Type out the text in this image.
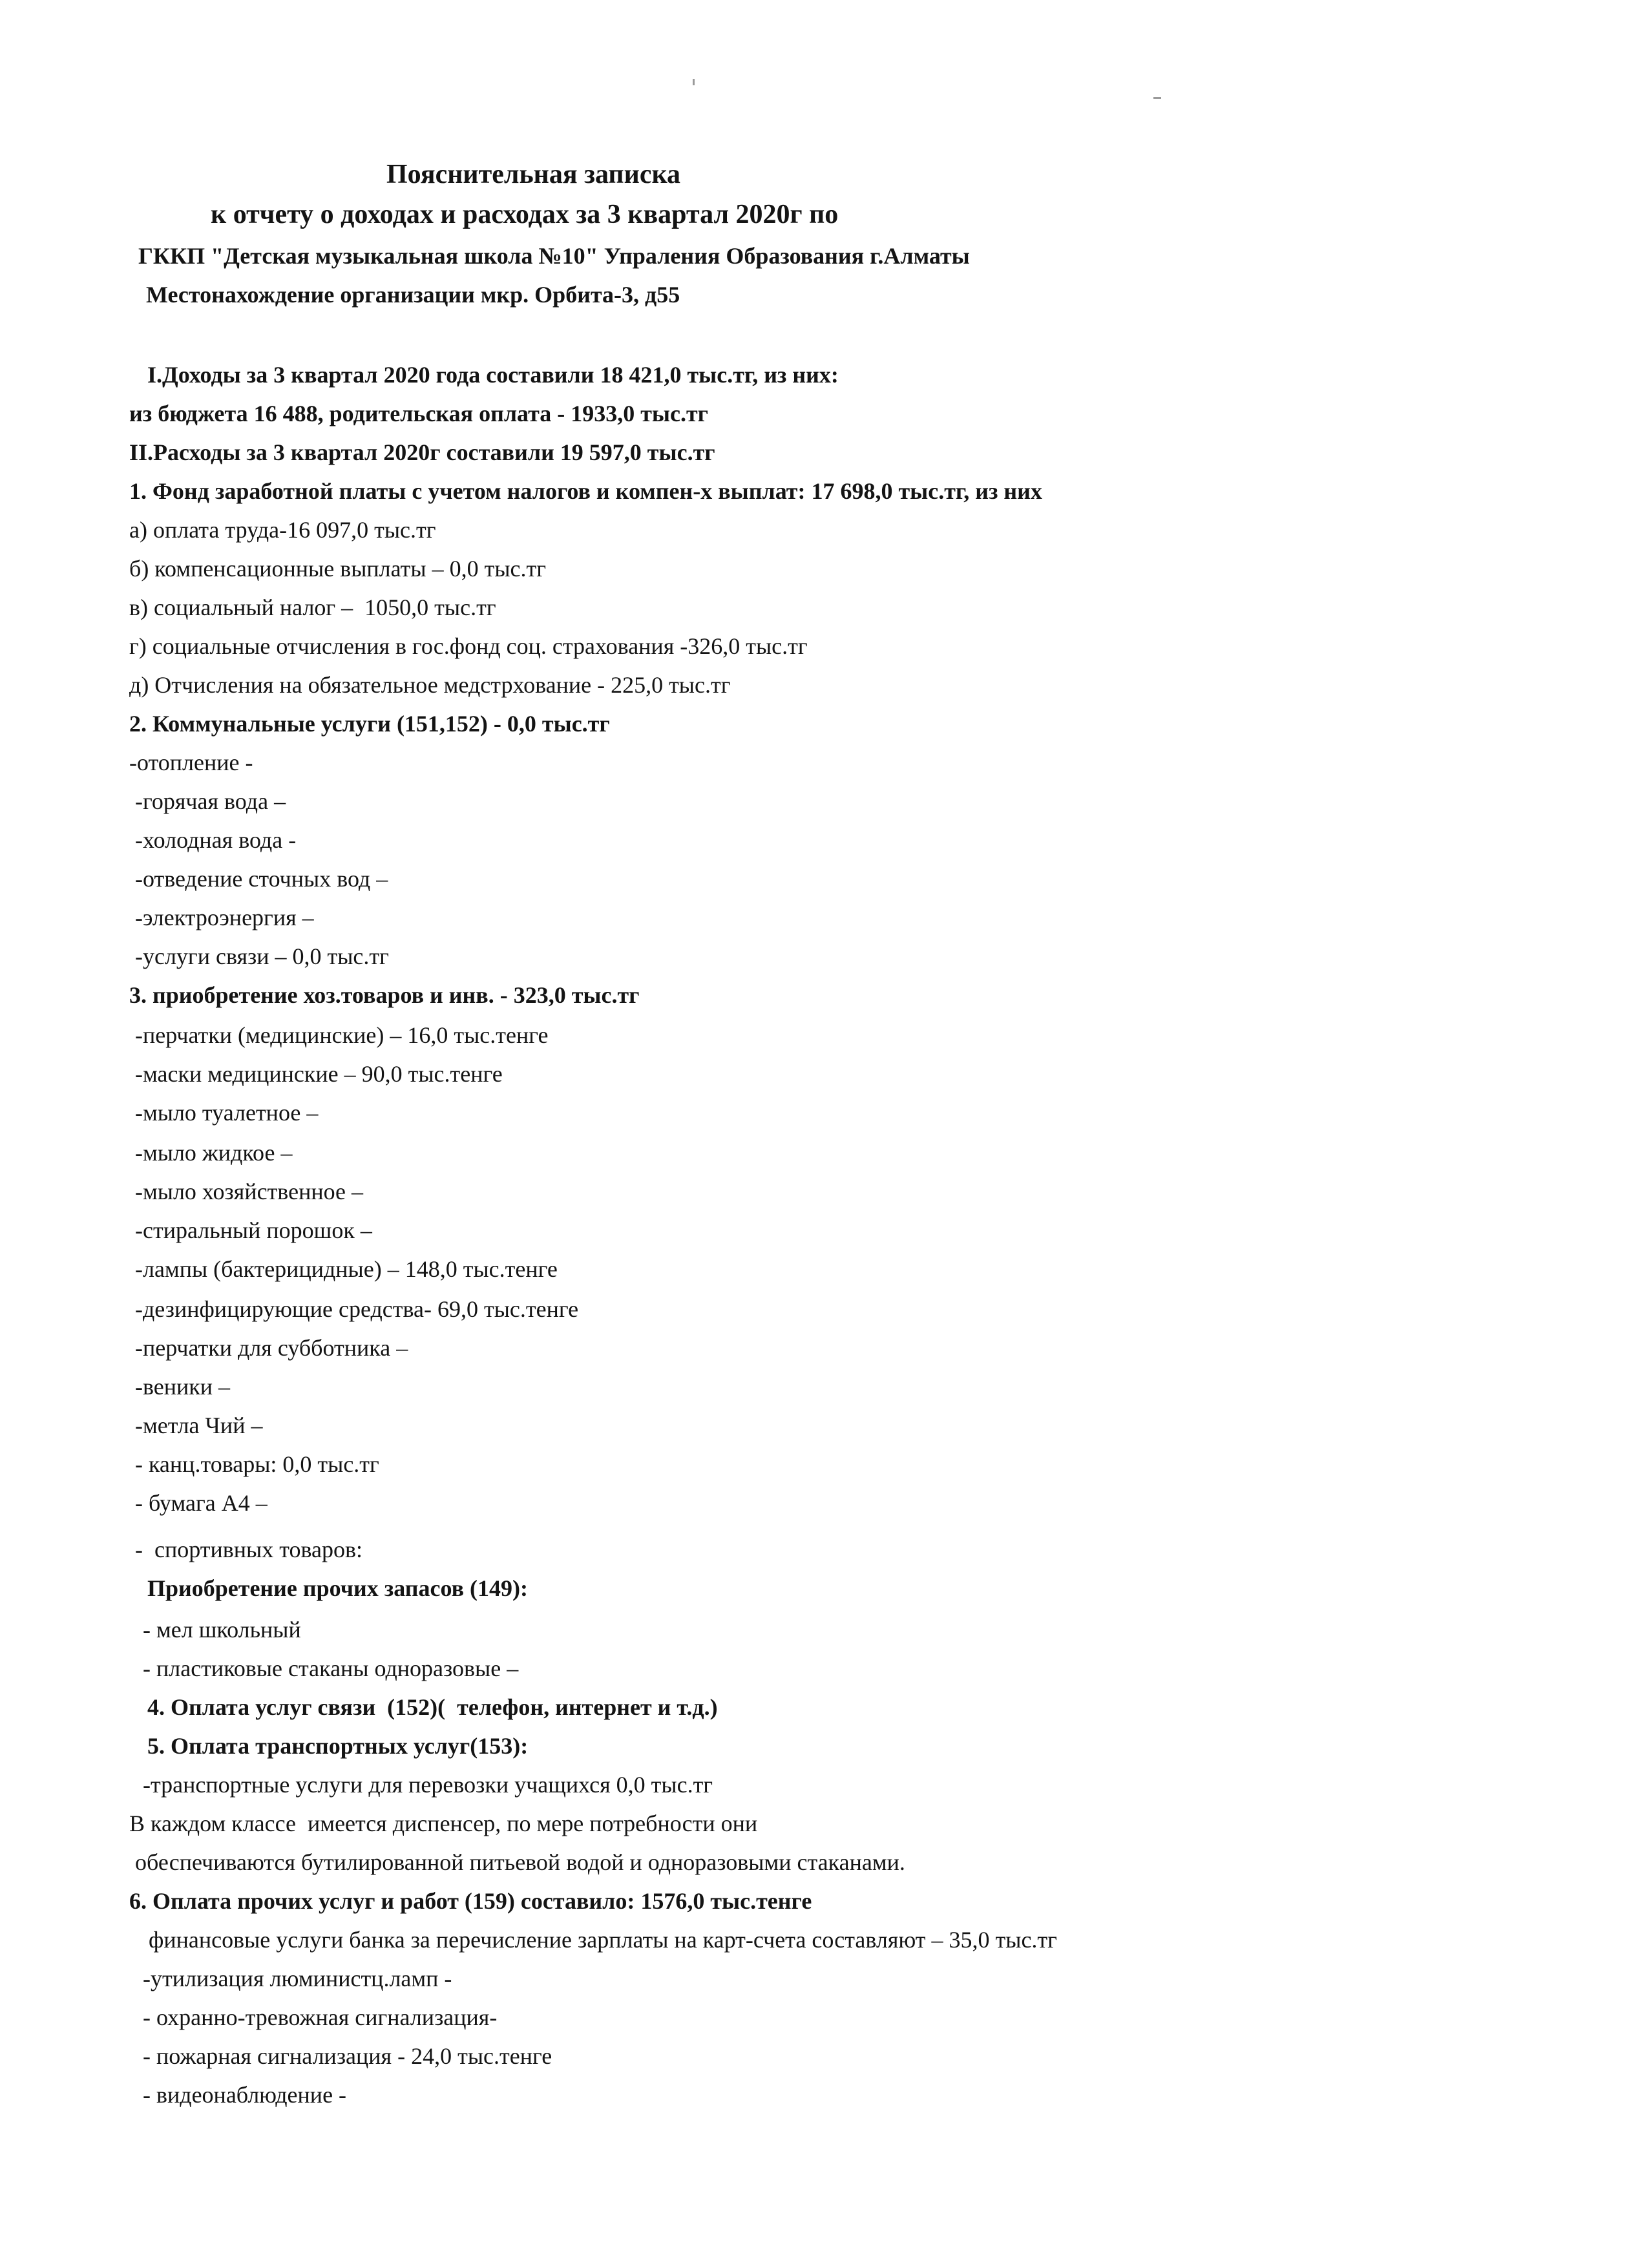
Пояснительная записка
к отчету о доходах и расходах за 3 квартал 2020г по
ГККП "Детская музыкальная школа №10" Упраления Образования г.Алматы
Местонахождение организации мкр. Орбита-3, д55
I.Доходы за 3 квартал 2020 года составили 18 421,0 тыс.тг, из них:
из бюджета 16 488, родительская оплата - 1933,0 тыс.тг
II.Расходы за 3 квартал 2020г составили 19 597,0 тыс.тг
1. Фонд заработной платы с учетом налогов и компен-х выплат: 17 698,0 тыс.тг, из них
а) оплата труда-16 097,0 тыс.тг
б) компенсационные выплаты – 0,0 тыс.тг
в) социальный налог –  1050,0 тыс.тг
г) социальные отчисления в гос.фонд соц. страхования -326,0 тыс.тг
д) Отчисления на обязательное медстрхование - 225,0 тыс.тг
2. Коммунальные услуги (151,152) - 0,0 тыс.тг
-отопление -
-горячая вода –
-холодная вода -
-отведение сточных вод –
-электроэнергия –
-услуги связи – 0,0 тыс.тг
3. приобретение хоз.товаров и инв. - 323,0 тыс.тг
-перчатки (медицинские) – 16,0 тыс.тенге
-маски медицинские – 90,0 тыс.тенге
-мыло туалетное –
-мыло жидкое –
-мыло хозяйственное –
-стиральный порошок –
-лампы (бактерицидные) – 148,0 тыс.тенге
-дезинфицирующие средства- 69,0 тыс.тенге
-перчатки для субботника –
-веники –
-метла Чий –
- канц.товары: 0,0 тыс.тг
- бумага А4 –
-  спортивных товаров:
Приобретение прочих запасов (149):
- мел школьный
- пластиковые стаканы одноразовые –
4. Оплата услуг связи  (152)(  телефон, интернет и т.д.)
5. Оплата транспортных услуг(153):
-транспортные услуги для перевозки учащихся 0,0 тыс.тг
В каждом классе  имеется диспенсер, по мере потребности они
обеспечиваются бутилированной питьевой водой и одноразовыми стаканами.
6. Оплата прочих услуг и работ (159) составило: 1576,0 тыс.тенге
финансовые услуги банка за перечисление зарплаты на карт-счета составляют – 35,0 тыс.тг
-утилизация люминистц.ламп -
- охранно-тревожная сигнализация-
- пожарная сигнализация - 24,0 тыс.тенге
- видеонаблюдение -
